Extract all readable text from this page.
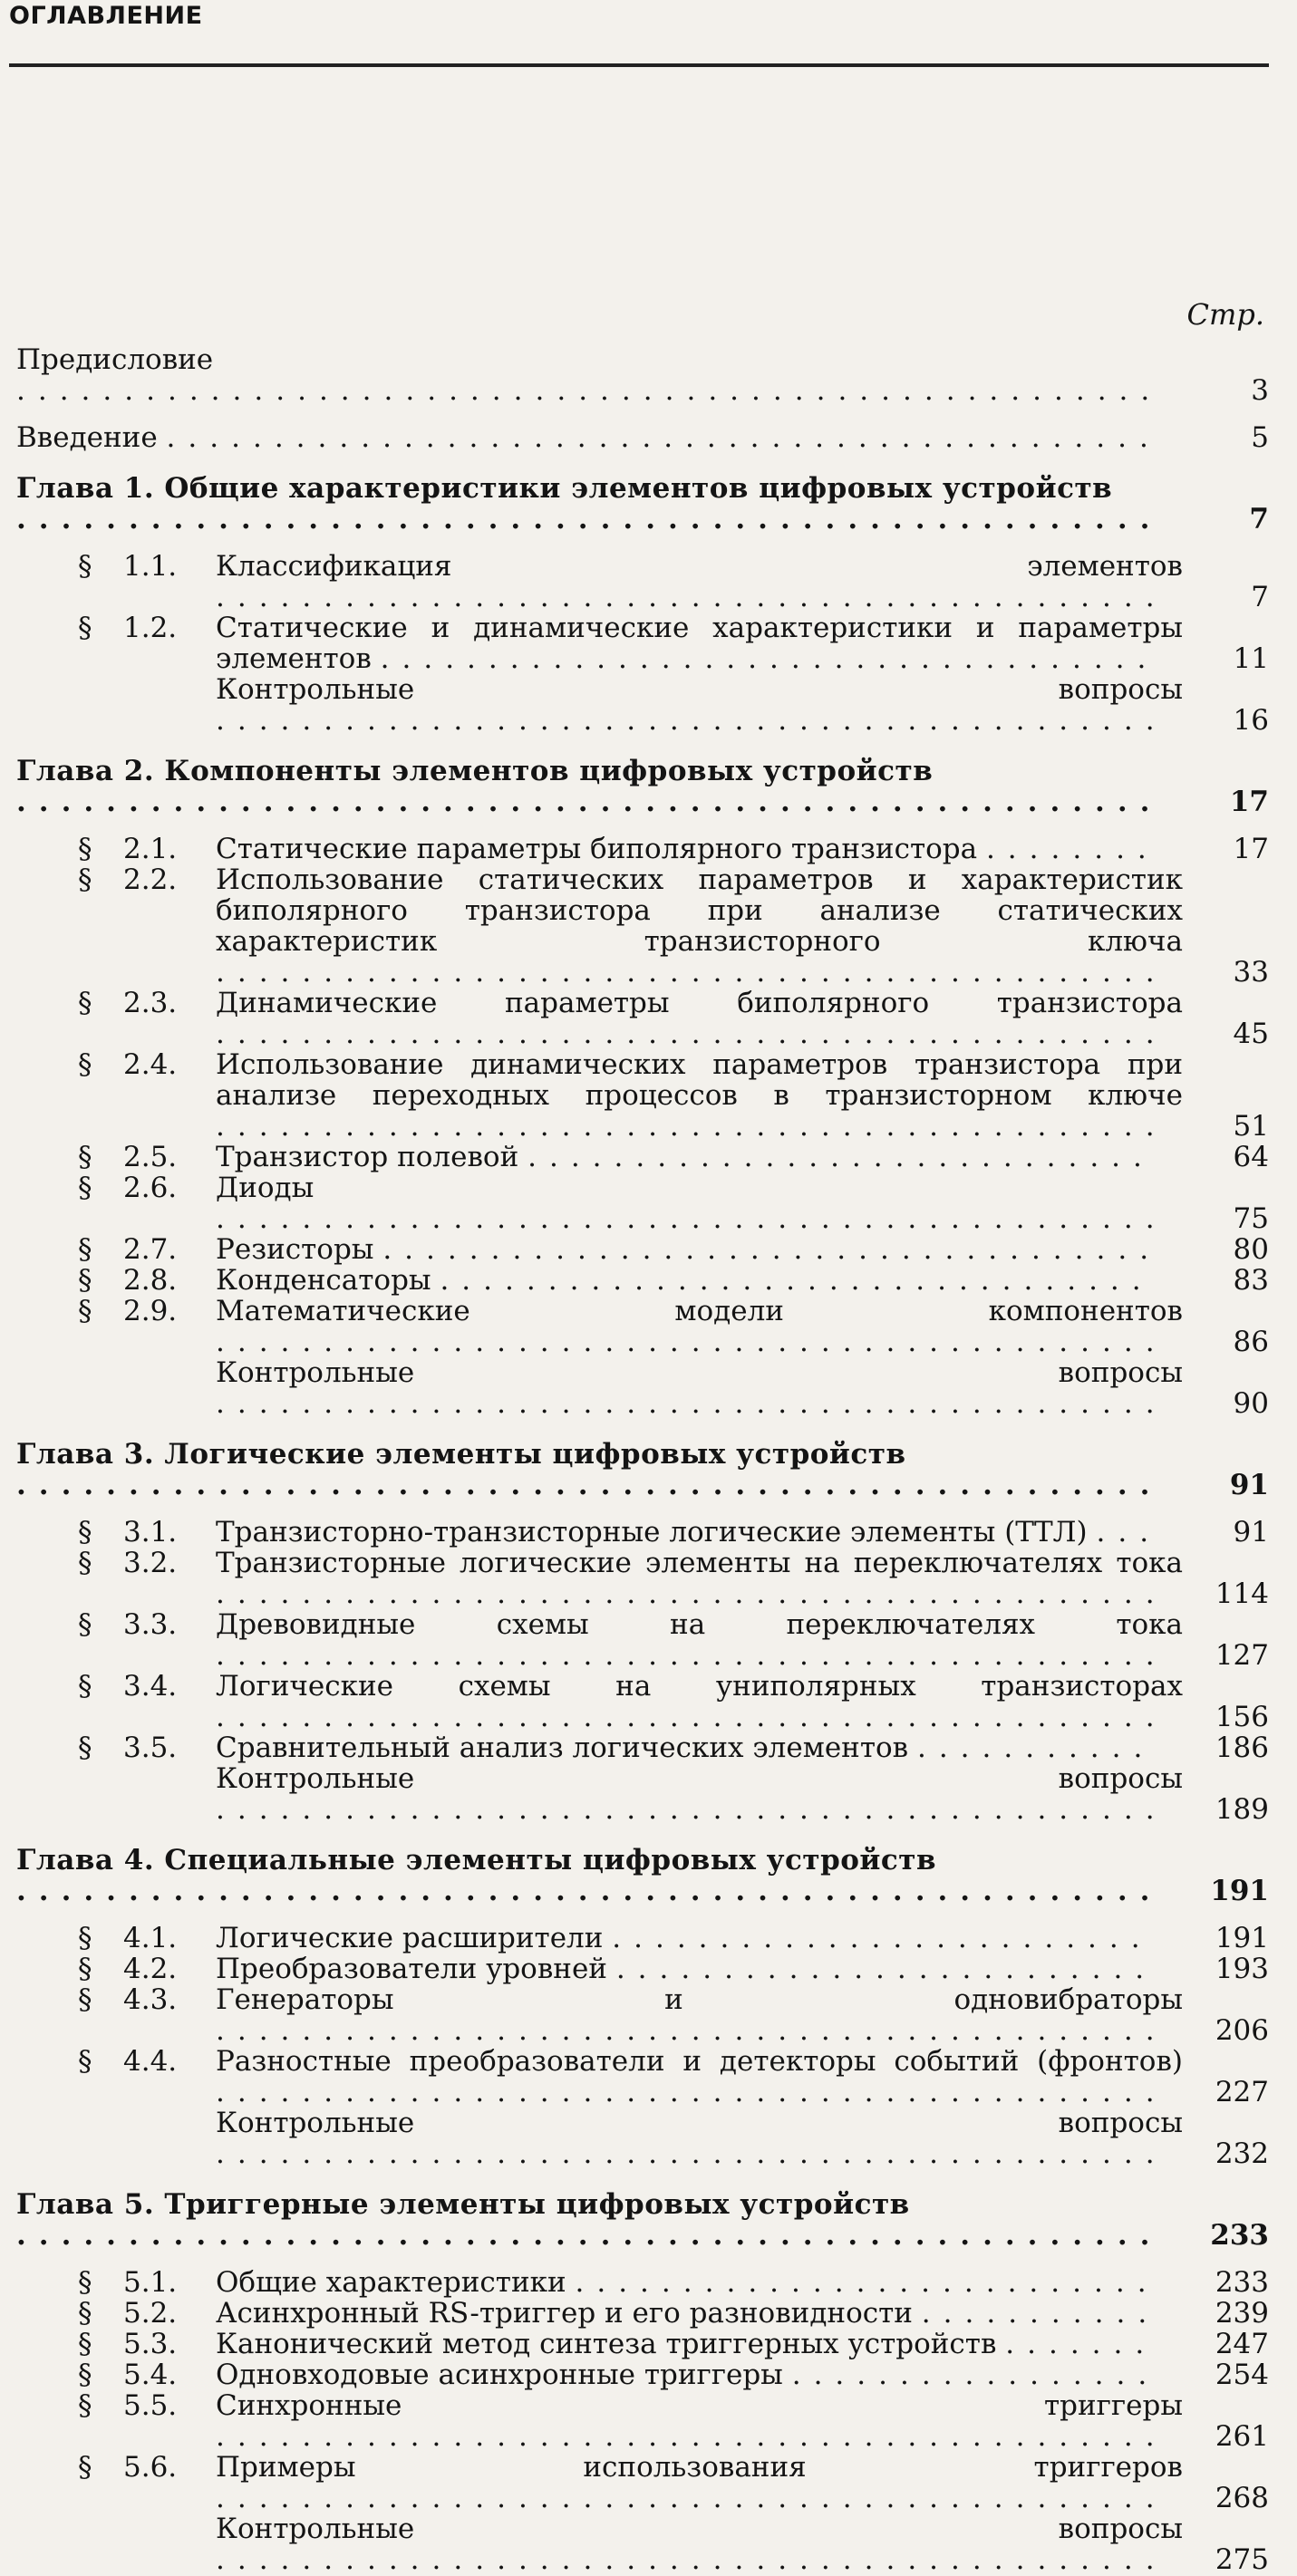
ОГЛАВЛЕНИЕ
Стр.
Предисловие .....................................................	3
Введение ..............................................	5
Глава 1. Общие характеристики элементов цифровых устройств ...................................................	7
§ 1.1.	Классификация элементов ............................................	7
§ 1.2.	Статические и динамические характеристики и параметры элементов ....................................	11
Контрольные вопросы ............................................	16
Глава 2. Компоненты элементов цифровых устройств ...................................................	17
§ 2.1.	Статические параметры биполярного транзистора ........	17
§ 2.2.	Использование статических параметров и характеристик биполярного транзистора при анализе статических характеристик транзисторного ключа ............................................	33
§ 2.3.	Динамические параметры биполярного транзистора ............................................	45
§ 2.4.	Использование динамических параметров транзистора при анализе переходных процессов в транзисторном ключе ............................................	51
§ 2.5.	Транзистор полевой .............................	64
§ 2.6.	Диоды ............................................	75
§ 2.7.	Резисторы ....................................	80
§ 2.8.	Конденсаторы .................................	83
§ 2.9.	Математические модели компонентов ............................................	86
Контрольные вопросы ............................................	90
Глава 3. Логические элементы цифровых устройств ...................................................	91
§ 3.1.	Транзисторно-транзисторные логические элементы (ТТЛ) ...	91
§ 3.2.	Транзисторные логические элементы на переключателях тока ............................................	114
§ 3.3.	Древовидные схемы на переключателях тока ............................................	127
§ 3.4.	Логические схемы на униполярных транзисторах ............................................	156
§ 3.5.	Сравнительный анализ логических элементов ...........	186
Контрольные вопросы ............................................	189
Глава 4. Специальные элементы цифровых устройств ...................................................	191
§ 4.1.	Логические расширители .........................	191
§ 4.2.	Преобразователи уровней .........................	193
§ 4.3.	Генераторы и одновибраторы ............................................	206
§ 4.4.	Разностные преобразователи и детекторы событий (фронтов) ............................................	227
Контрольные вопросы ............................................	232
Глава 5. Триггерные элементы цифровых устройств ...................................................	233
§ 5.1.	Общие характеристики ...........................	233
§ 5.2.	Асинхронный RS-триггер и его разновидности ...........	239
§ 5.3.	Канонический метод синтеза триггерных устройств .......	247
§ 5.4.	Одновходовые асинхронные триггеры .................	254
§ 5.5.	Синхронные триггеры ............................................	261
§ 5.6.	Примеры использования триггеров ............................................	268
Контрольные вопросы ............................................	275
